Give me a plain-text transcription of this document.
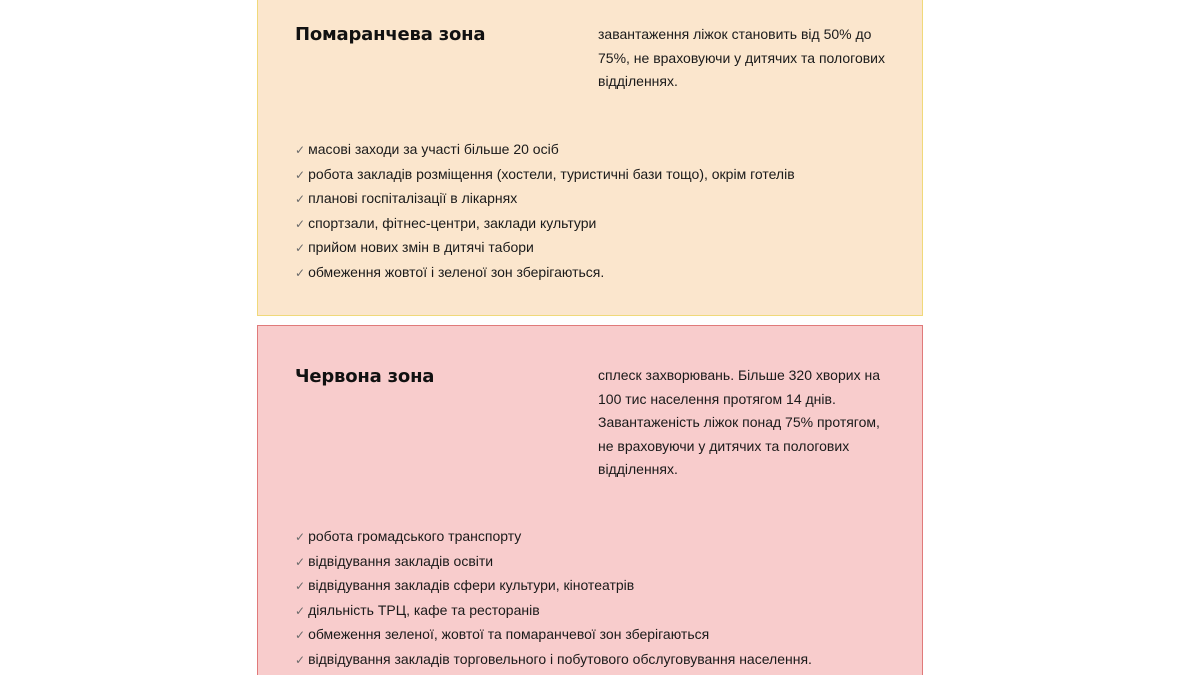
Помаранчева зона	завантаження ліжок становить від 50% до 75%, не враховуючи у дитячих та пологових відділеннях.

✓ масові заходи за участі більше 20 осіб
✓ робота закладів розміщення (хостели, туристичні бази тощо), окрім готелів
✓ планові госпіталізації в лікарнях
✓ спортзали, фітнес-центри, заклади культури
✓ прийом нових змін в дитячі табори
✓ обмеження жовтої і зеленої зон зберігаються.
Червона зона	сплеск захворювань. Більше 320 хворих на 100 тис населення протягом 14 днів. Завантаженість ліжок понад 75% протягом, не враховуючи у дитячих та пологових відділеннях.

✓ робота громадського транспорту
✓ відвідування закладів освіти
✓ відвідування закладів сфери культури, кінотеатрів
✓ діяльність ТРЦ, кафе та ресторанів
✓ обмеження зеленої, жовтої та помаранчевої зон зберігаються
✓ відвідування закладів торговельного і побутового обслуговування населення.
